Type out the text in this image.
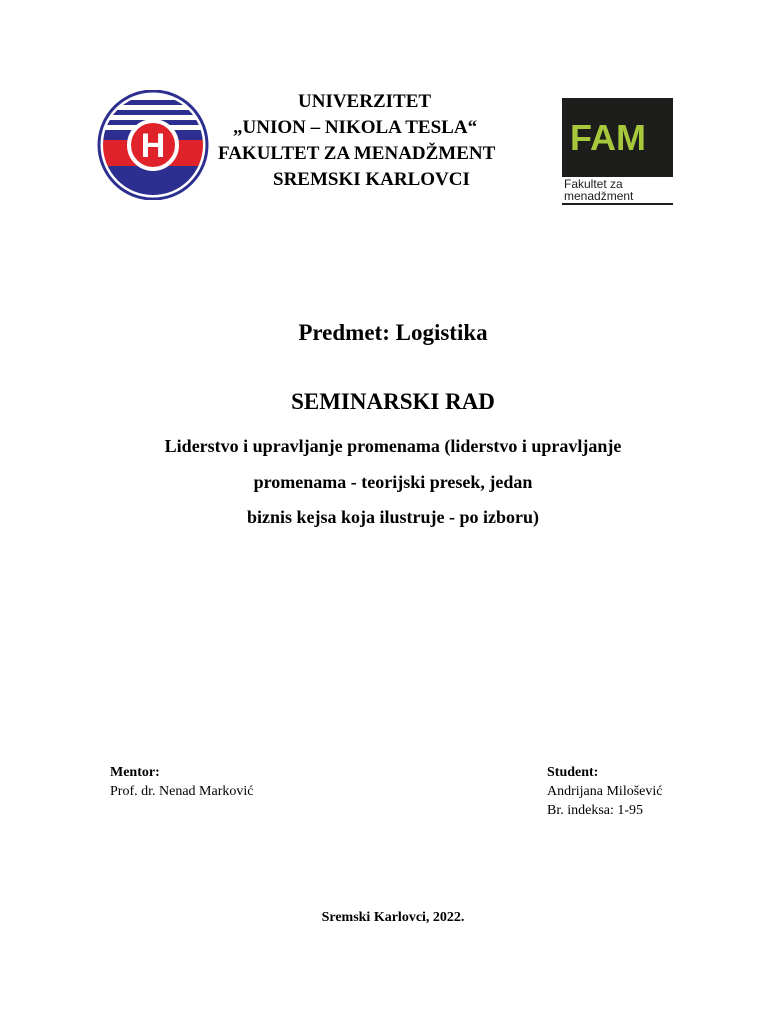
H
UNIVERZITET
„UNION – NIKOLA TESLA“
FAKULTET ZA MENADŽMENT
SREMSKI KARLOVCI
FAM
Fakultet za
menadžment
Predmet: Logistika
SEMINARSKI RAD
Liderstvo i upravljanje promenama (liderstvo i upravljanje
promenama - teorijski presek, jedan
biznis kejsa koja ilustruje - po izboru)
Mentor:
Prof. dr. Nenad Marković
Student:
Andrijana Milošević
Br. indeksa: 1-95
Sremski Karlovci, 2022.
